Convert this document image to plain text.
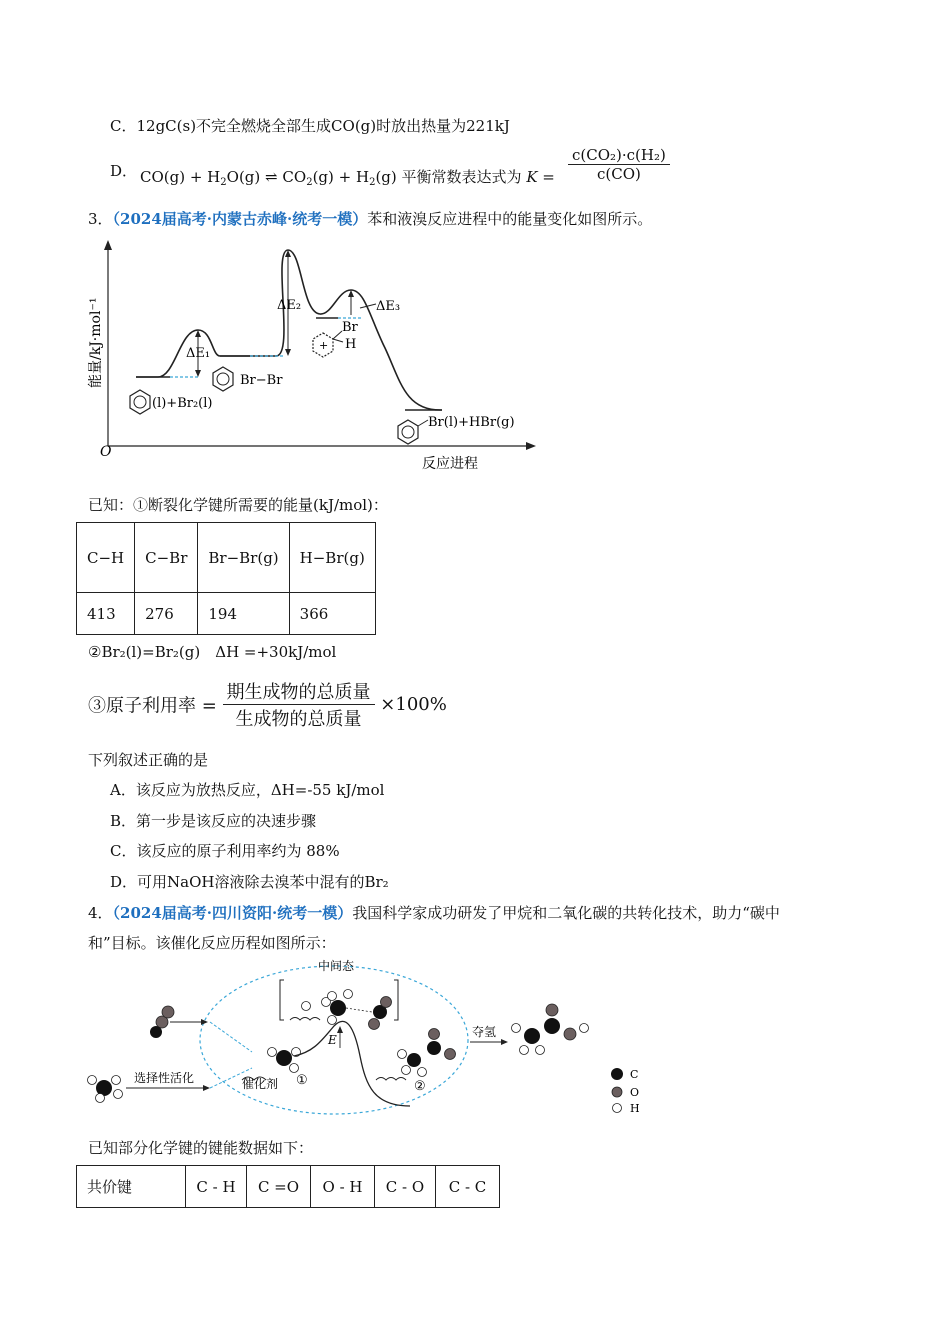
C．12gC(s)不完全燃烧全部生成CO(g)时放出热量为221kJ
D． $CO(g) + H_2O(g)$ ⇌ $CO_2(g) + H_2(g)$ 平衡常数表达式为 $K = \frac{\text{c(CO₂)·c(H₂)}}{c(CO)}$
3．（2024届高考·内蒙古赤峰·统考一模）苯和液溴反应进程中的能量变化如图所示。
O
能量/kJ·mol⁻¹
反应进程
ΔE₁
ΔE₂	ΔE₃
(l)+Br₂(l)
Br−Br
+
Br
H
Br(l)+HBr(g)
已知：①断裂化学键所需要的能量(kJ/mol)：
C−H	C−Br	Br−Br(g)	H−Br(g)
413	276	194	366
②Br₂(l)=Br₂(g)　ΔH =+30kJ/mol
③原子利用率 = $\frac{\text{期生成物的总质量}}{\text{生成物的总质量}} \times 100\%$
下列叙述正确的是
A．该反应为放热反应，ΔH=-55 kJ/mol
B．第一步是该反应的决速步骤
C．该反应的原子利用率约为 88%
D．可用NaOH溶液除去溴苯中混有的Br₂
4．（2024届高考·四川资阳·统考一模）我国科学家成功研发了甲烷和二氧化碳的共转化技术，助力“碳中
和”目标。该催化反应历程如图所示：
中间态
选择性活化	催化剂 ①
E
②
夺氢
C
O
H
已知部分化学键的键能数据如下：
共价键	C - H	C =O	O - H	C - O	C - C
